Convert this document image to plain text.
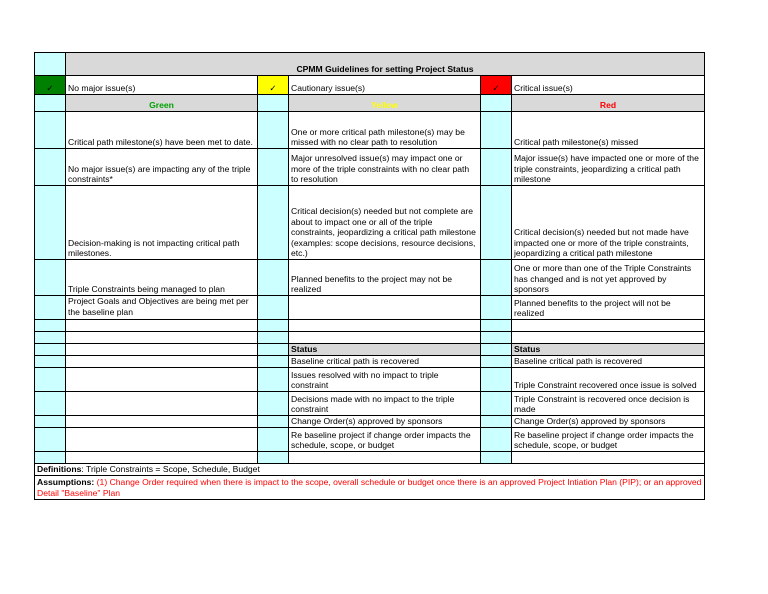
	CPMM Guidelines for setting Project Status				
✓	No major issue(s)	✓	Cautionary issue(s)	✓	Critical issue(s)
	Green		Yellow		Red
	Critical path milestone(s) have been met to date.		One or more critical path milestone(s) may be missed with no clear path to resolution		Critical path milestone(s) missed
	No major issue(s) are impacting any of the triple constraints*		Major unresolved issue(s) may impact one or more of the triple constraints with no clear path to resolution		Major issue(s) have impacted one or more of the triple constraints, jeopardizing a critical path milestone
	Decision-making is not impacting critical path milestones.		Critical decision(s) needed but not complete are about to impact one or all of the triple constraints, jeopardizing a critical path milestone (examples: scope decisions, resource decisions, etc.)		Critical decision(s) needed but not made have impacted one or more of the triple constraints, jeopardizing a critical path milestone
	Triple Constraints being managed to plan		Planned benefits to the project may not be realized		One or more than one of the Triple Constraints has changed and is not yet approved by sponsors
	Project Goals and Objectives are being met per the baseline plan				Planned benefits to the project will not be realized

			Status		Status
			Baseline critical path is recovered		Baseline critical path is recovered
			Issues resolved with no impact to triple constraint		Triple Constraint recovered once issue is solved
			Decisions made with no impact to the triple constraint		Triple Constraint is recovered once decision is made
			Change Order(s) approved by sponsors		Change Order(s) approved by sponsors
			Re baseline project if change order impacts the schedule, scope, or budget		Re baseline project if change order impacts the schedule, scope, or budget

Definitions: Triple Constraints = Scope, Schedule, Budget					
Assumptions: (1) Change Order required when there is impact to the scope, overall schedule or budget once there is an approved Project Intiation Plan (PIP); or an approved Detail "Baseline" Plan					
